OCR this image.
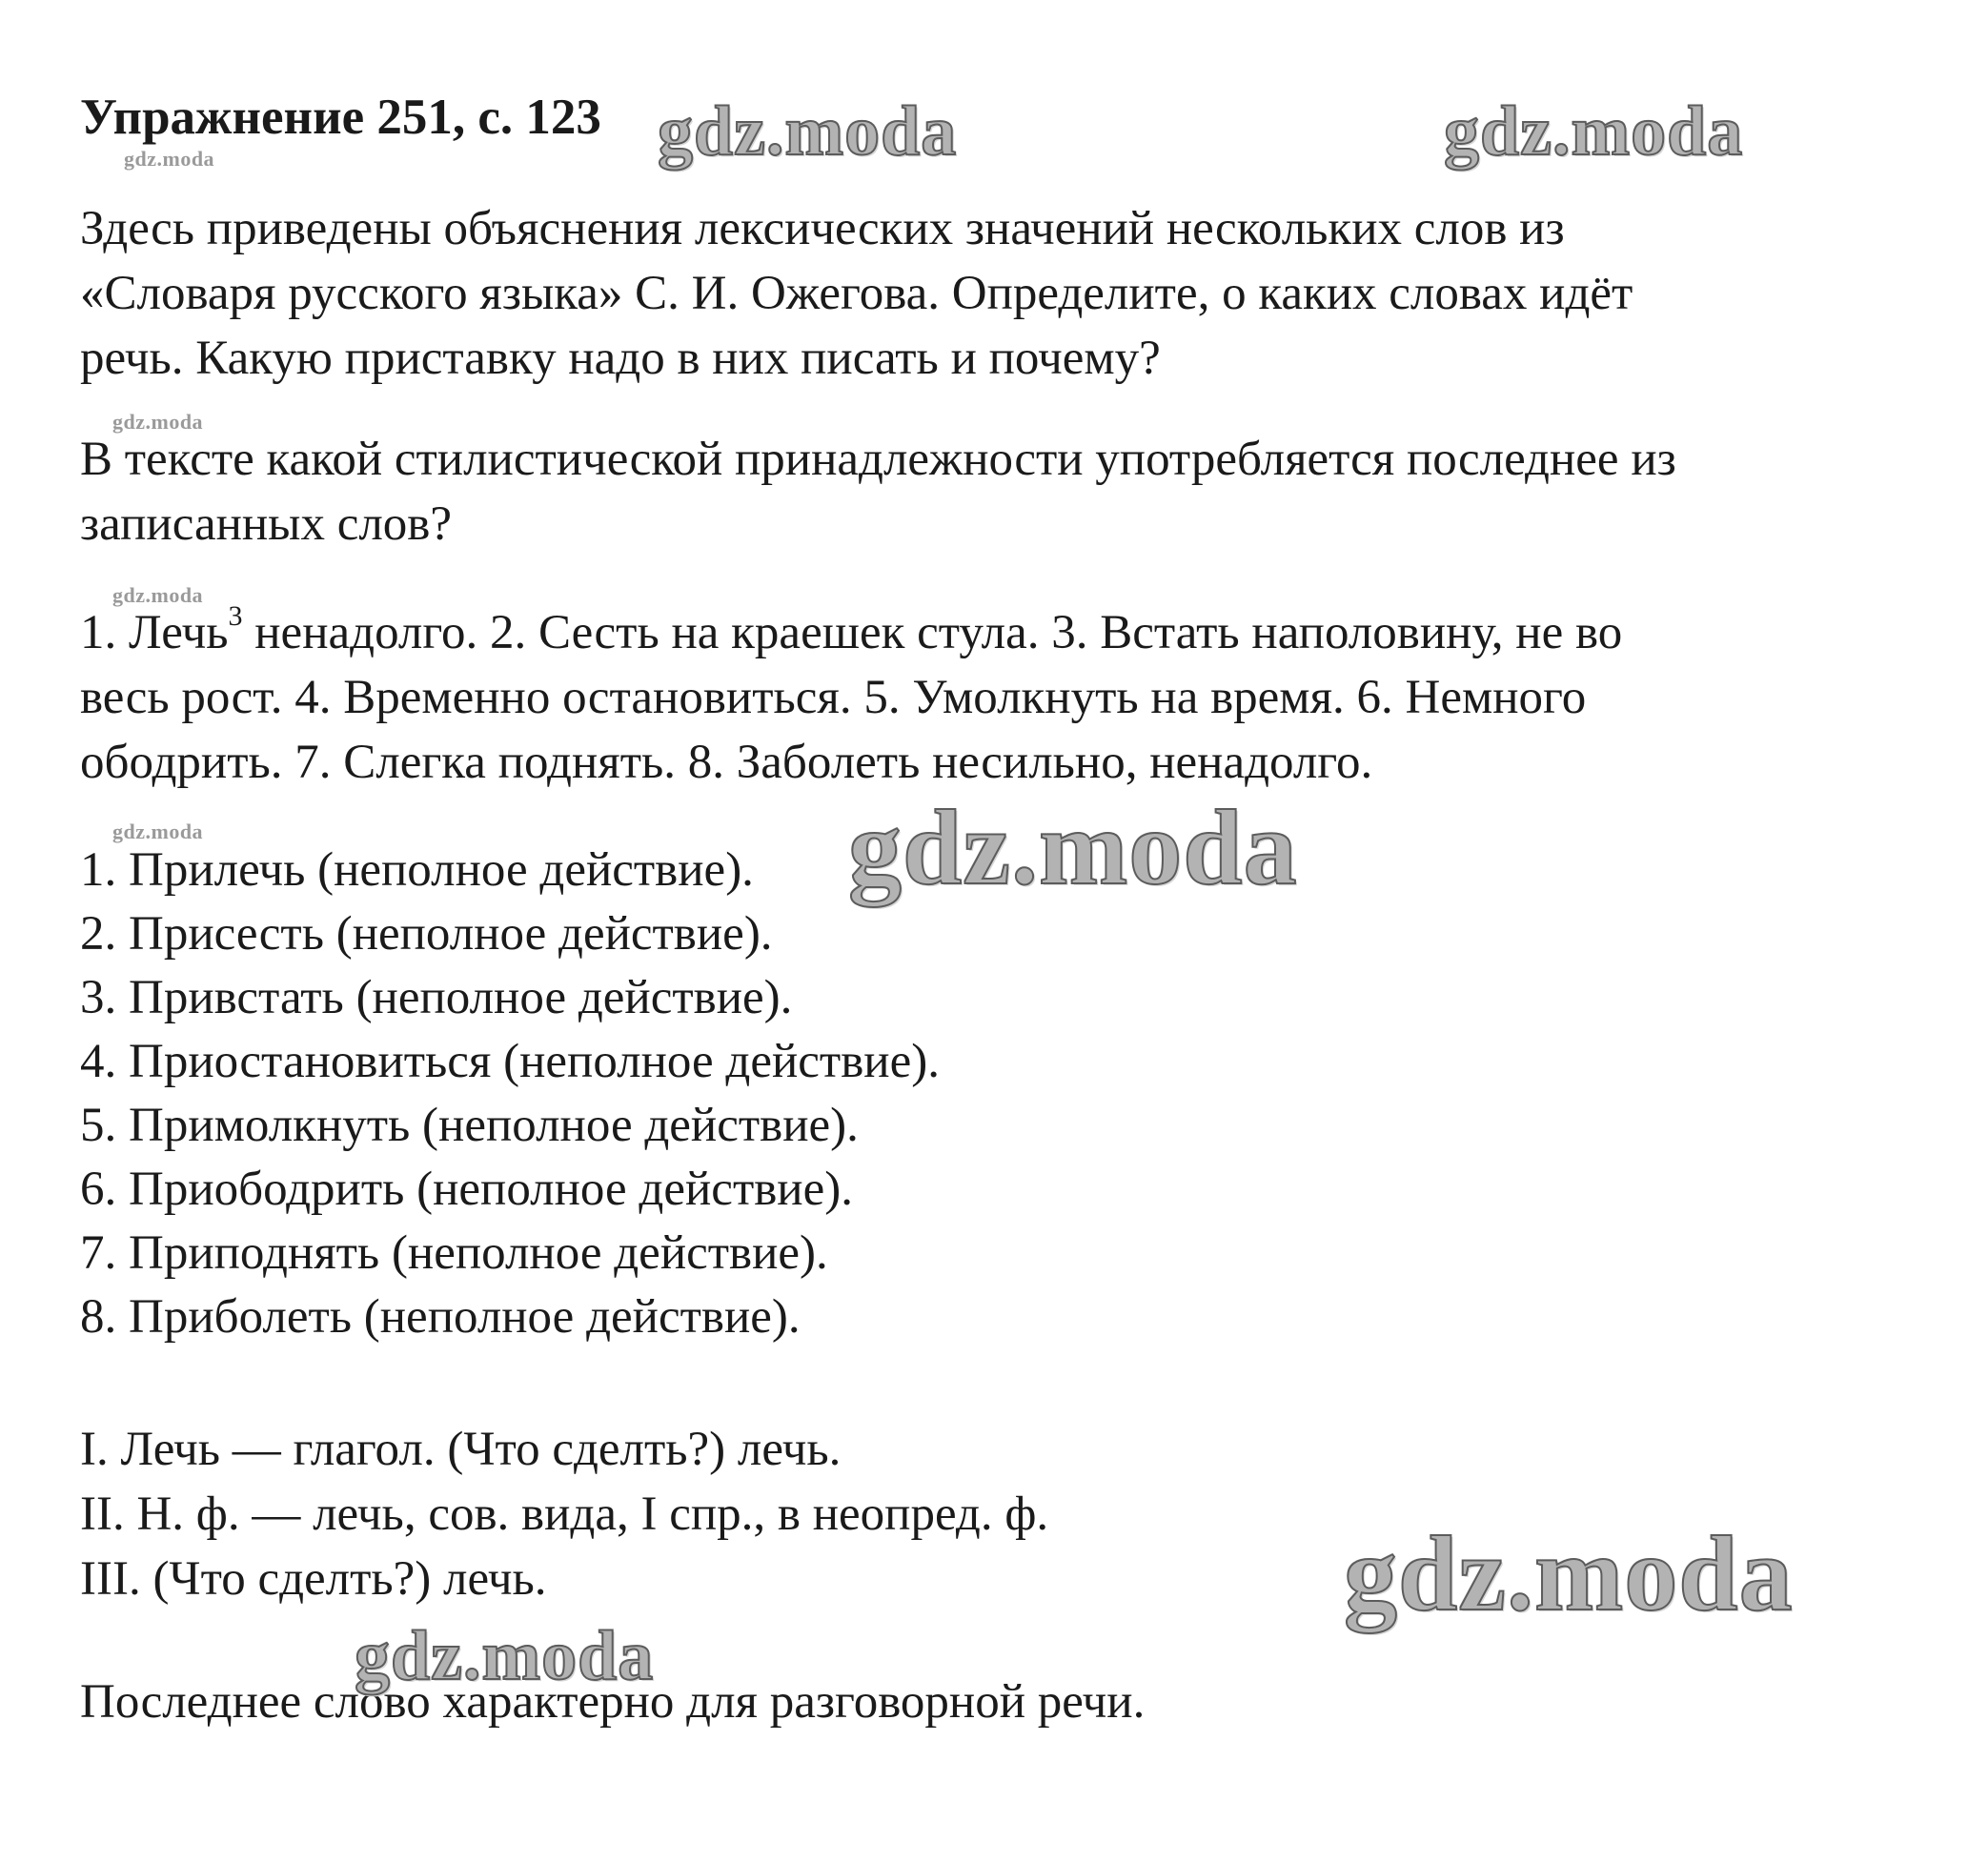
Упражнение 251, с. 123
Здесь приведены объяснения лексических значений нескольких слов из
«Словаря русского языка» С. И. Ожегова. Определите, о каких словах идёт
речь. Какую приставку надо в них писать и почему?
В тексте какой стилистической принадлежности употребляется последнее из
записанных слов?
1. Лечь$^3$ ненадолго. 2. Сесть на краешек стула. 3. Встать наполовину, не во
весь рост. 4. Временно остановиться. 5. Умолкнуть на время. 6. Немного
ободрить. 7. Слегка поднять. 8. Заболеть несильно, ненадолго.
1. Прилечь (неполное действие).
2. Присесть (неполное действие).
3. Привстать (неполное действие).
4. Приостановиться (неполное действие).
5. Примолкнуть (неполное действие).
6. Приободрить (неполное действие).
7. Приподнять (неполное действие).
8. Приболеть (неполное действие).
I. Лечь — глагол. (Что сделть?) лечь.
II. Н. ф. — лечь, сов. вида, I спр., в неопред. ф.
III. (Что сделть?) лечь.
Последнее слово характерно для разговорной речи.
gdz.moda
gdz.moda
gdz.moda
gdz.moda
gdz.moda	gdz.moda
gdz.moda
gdz.moda
gdz.moda
